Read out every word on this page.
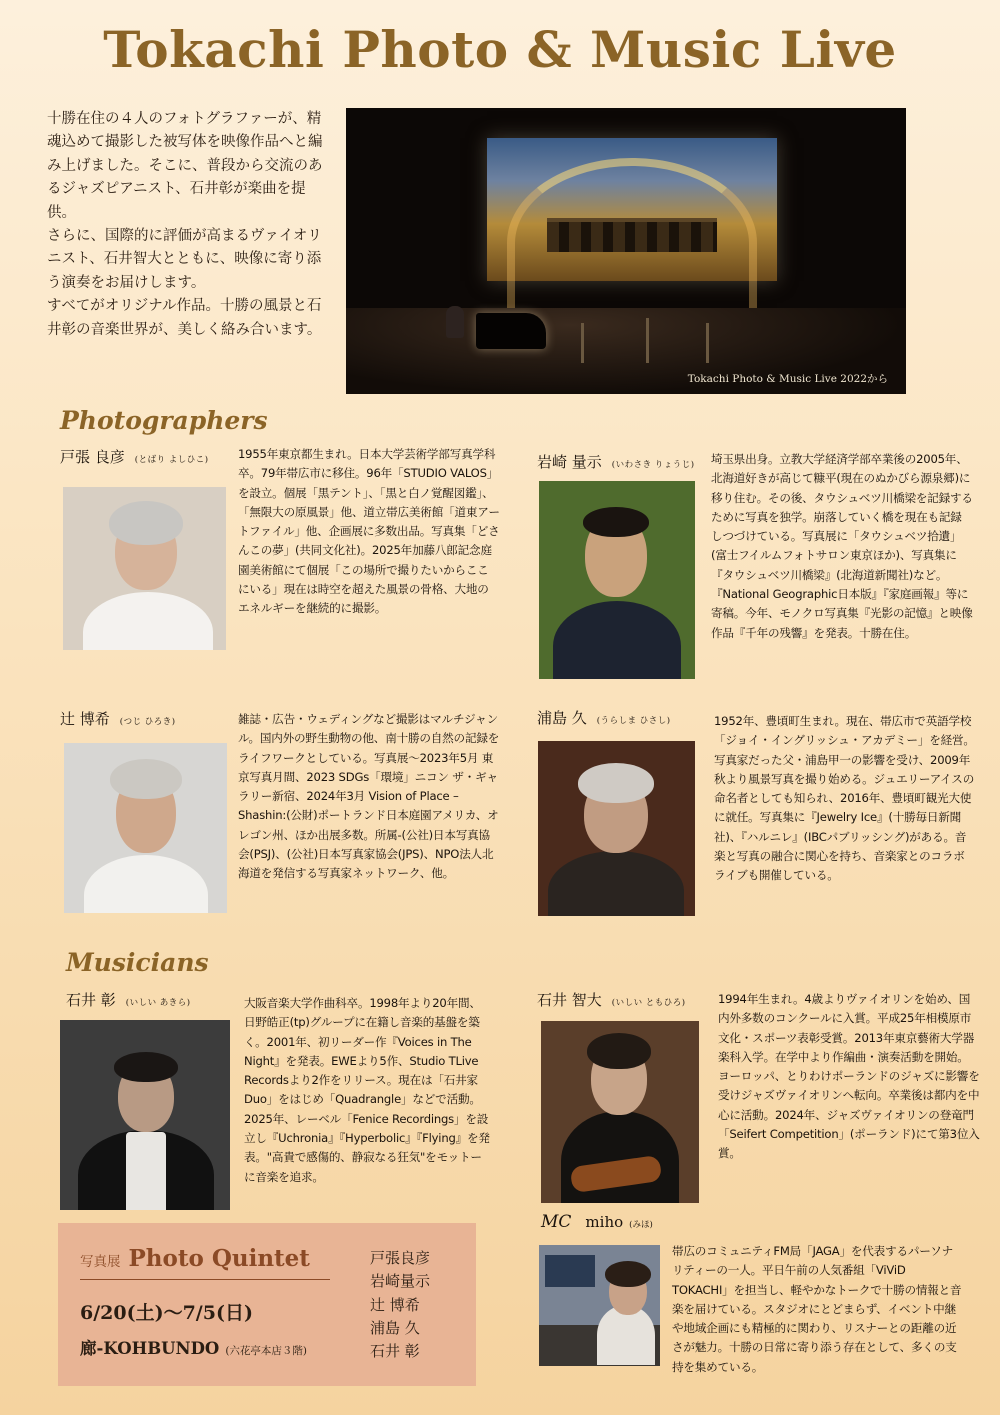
Tokachi Photo & Music Live

十勝在住の４人のフォトグラファーが、精魂込めて撮影した被写体を映像作品へと編み上げました。そこに、普段から交流のあるジャズピアニスト、石井彰が楽曲を提供。

さらに、国際的に評価が高まるヴァイオリニスト、石井智大とともに、映像に寄り添う演奏をお届けします。

すべてがオリジナル作品。十勝の風景と石井彰の音楽世界が、美しく絡み合います。

Tokachi Photo & Music Live 2022から
Photographers
戸張 良彦 (とばり よしひこ)	1955年東京都生まれ。日本大学芸術学部写真学科卒。79年帯広市に移住。96年「STUDIO VALOS」を設立。個展「黒テント」、「黒と白ノ覚醒図鑑」、「無限大の原風景」他、道立帯広美術館「道東アートファイル」他、企画展に多数出品。写真集「どさんこの夢」(共同文化社)。2025年加藤八郎記念庭園美術館にて個展「この場所で撮りたいからここにいる」現在は時空を超えた風景の骨格、大地のエネルギーを継続的に撮影。
岩崎 量示 (いわさき りょうじ) 埼玉県出身。立教大学経済学部卒業後の2005年、北海道好きが高じて糠平(現在のぬかびら源泉郷)に移り住む。その後、タウシュベツ川橋梁を記録するために写真を独学。崩落していく橋を現在も記録しつづけている。写真展に「タウシュベツ拾遺」(富士フイルムフォトサロン東京ほか)、写真集に『タウシュベツ川橋梁』(北海道新聞社)など。『National Geographic日本版』『家庭画報』等に寄稿。今年、モノクロ写真集『光影の記憶』と映像作品『千年の残響』を発表。十勝在住。
辻 博希 (つじ ひろき)	雑誌・広告・ウェディングなど撮影はマルチジャンル。国内外の野生動物の他、南十勝の自然の記録をライフワークとしている。写真展～2023年5月 東京写真月間、2023 SDGs「環境」ニコン ザ・ギャラリー新宿、2024年3月 Vision of Place – Shashin:(公財)ポートランド日本庭園アメリカ、オレゴン州、ほか出展多数。所属-(公社)日本写真協会(PSJ)、(公社)日本写真家協会(JPS)、NPO法人北海道を発信する写真家ネットワーク、他。
浦島 久 (うらしま ひさし)	1952年、豊頃町生まれ。現在、帯広市で英語学校「ジョイ・イングリッシュ・アカデミー」を経営。写真家だった父・浦島甲一の影響を受け、2009年秋より風景写真を撮り始める。ジュエリーアイスの命名者としても知られ、2016年、豊頃町観光大使に就任。写真集に『Jewelry Ice』(十勝毎日新聞社)、『ハルニレ』(IBCパブリッシング)がある。音楽と写真の融合に関心を持ち、音楽家とのコラボライブも開催している。
Musicians
石井 彰 (いしい あきら)	大阪音楽大学作曲科卒。1998年より20年間、日野皓正(tp)グループに在籍し音楽的基盤を築く。2001年、初リーダー作『Voices in The Night』を発表。EWEより5作、Studio TLive Recordsより2作をリリース。現在は「石井家Duo」をはじめ「Quadrangle」などで活動。2025年、レーベル「Fenice Recordings」を設立し『Uchronia』『Hyperbolic』『Flying』を発表。"高貴で感傷的、静寂なる狂気"をモットーに音楽を追求。
石井 智大 (いしい ともひろ)	1994年生まれ。4歳よりヴァイオリンを始め、国内外多数のコンクールに入賞。平成25年相模原市文化・スポーツ表彰受賞。2013年東京藝術大学器楽科入学。在学中より作編曲・演奏活動を開始。ヨーロッパ、とりわけポーランドのジャズに影響を受けジャズヴァイオリンへ転向。卒業後は都内を中心に活動。2024年、ジャズヴァイオリンの登竜門「Seifert Competition」(ポーランド)にて第3位入賞。
写真展 Photo Quintet
6/20(土)～7/5(日)
廊-KOHBUNDO (六花亭本店３階)
戸張良彦
岩崎量示
辻 博希
浦島 久
石井 彰
MC miho (みほ)
帯広のコミュニティFM局「JAGA」を代表するパーソナリティーの一人。平日午前の人気番組「ViViD TOKACHI」を担当し、軽やかなトークで十勝の情報と音楽を届けている。スタジオにとどまらず、イベント中継や地域企画にも精極的に関わり、リスナーとの距離の近さが魅力。十勝の日常に寄り添う存在として、多くの支持を集めている。
